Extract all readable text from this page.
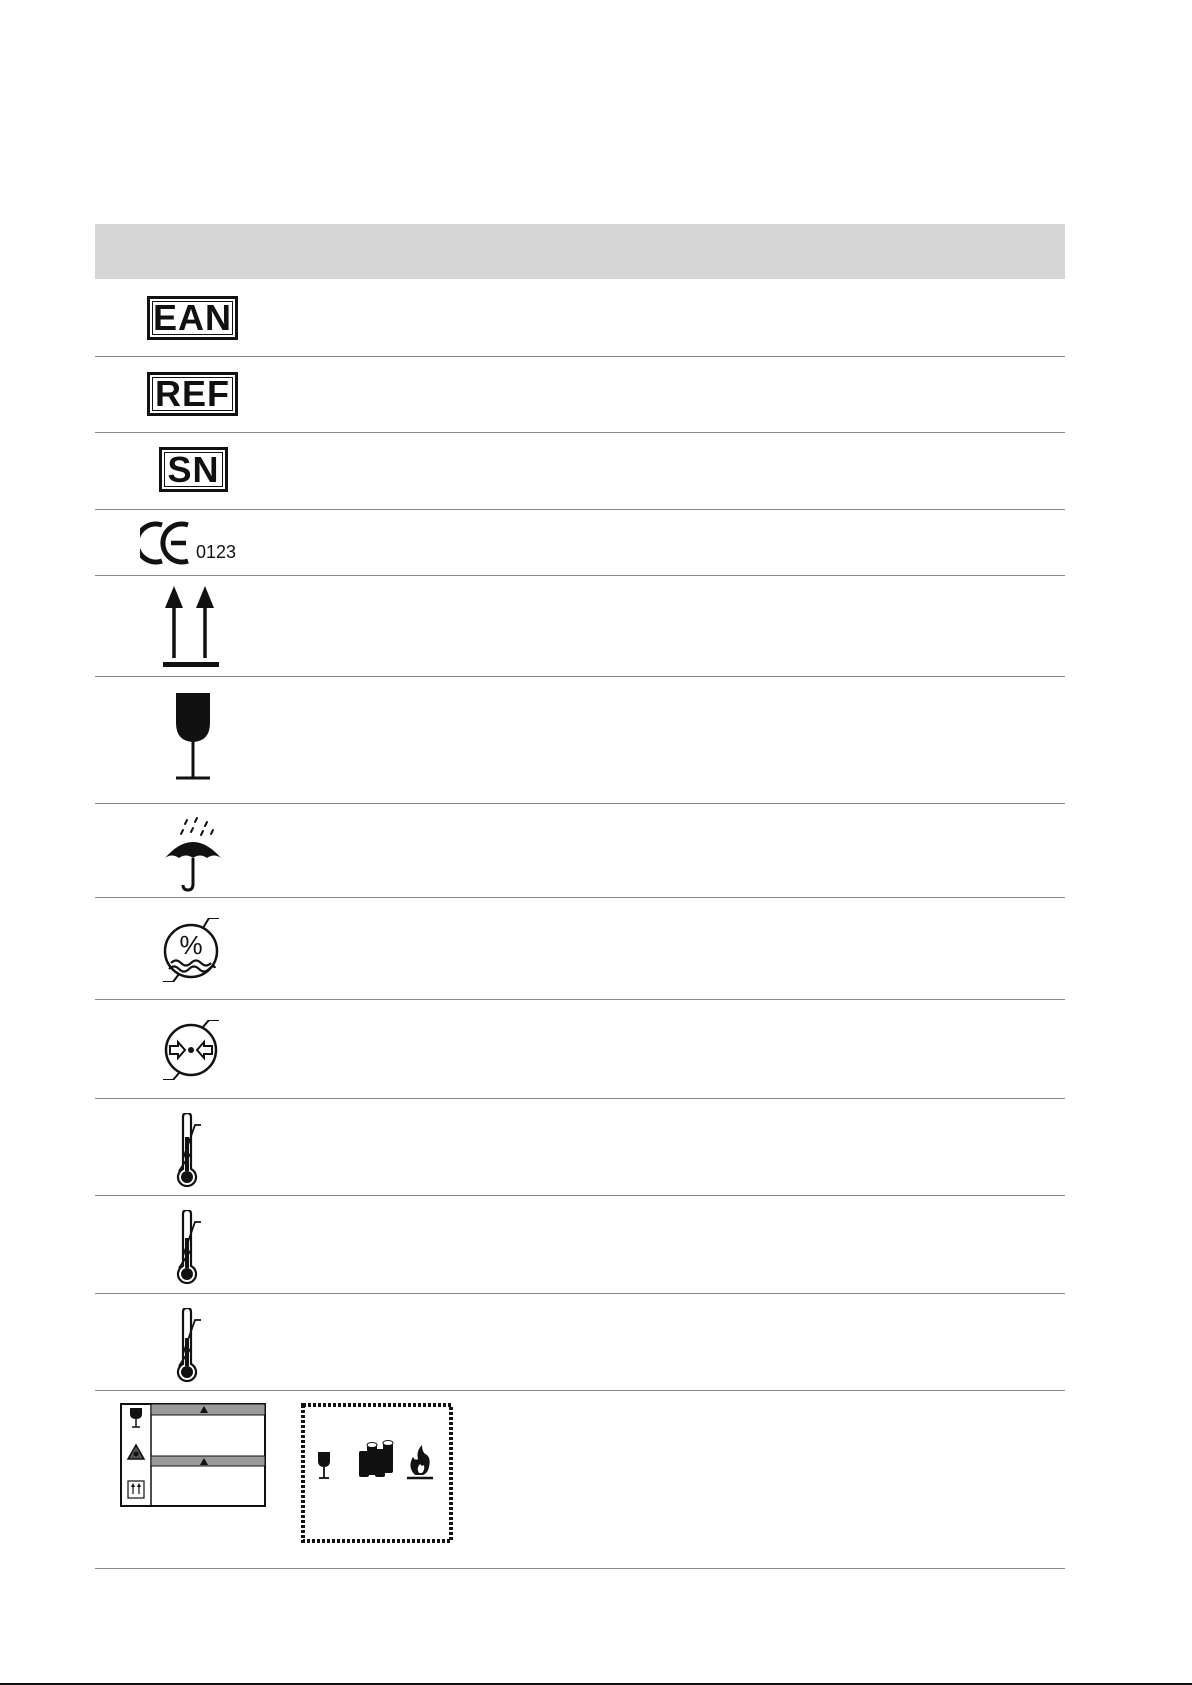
EAN
REF
SN
0123
%
